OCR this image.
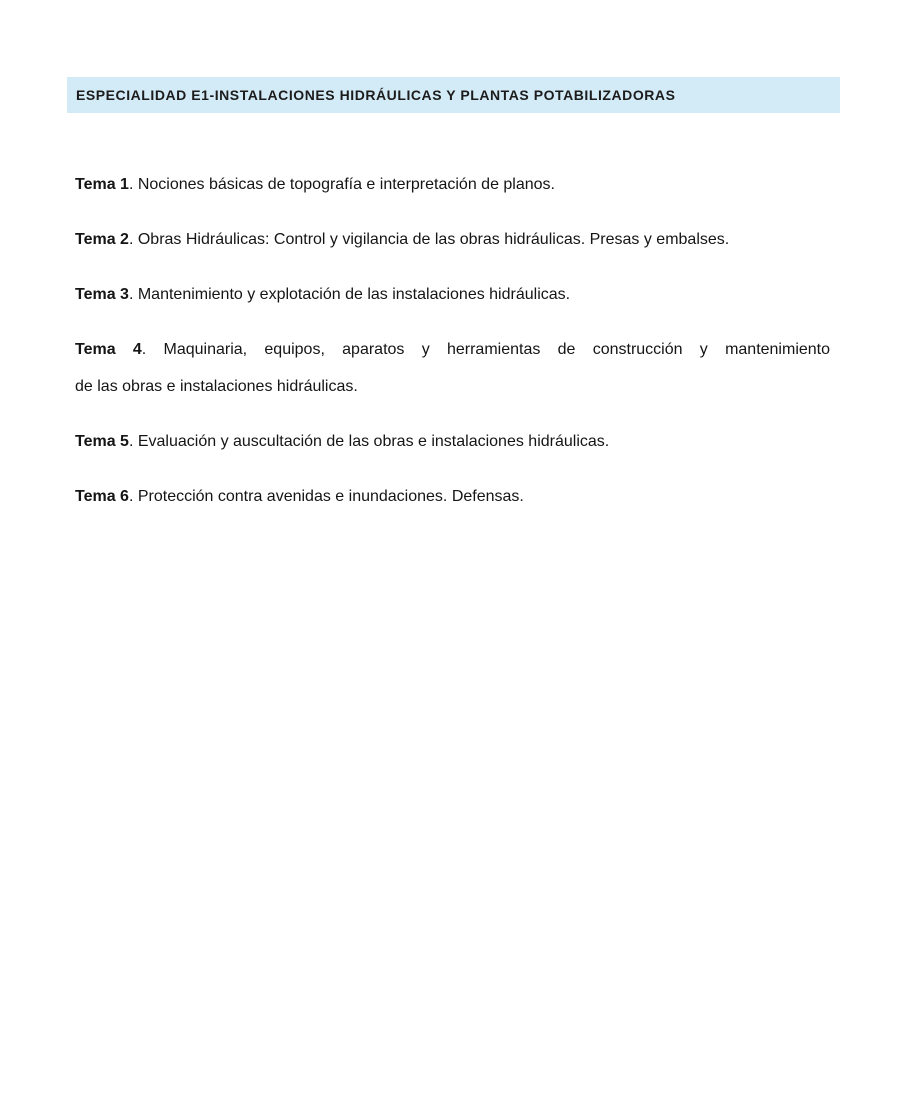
ESPECIALIDAD E1-INSTALACIONES HIDRÁULICAS Y PLANTAS POTABILIZADORAS

Tema 1. Nociones básicas de topografía e interpretación de planos.

Tema 2. Obras Hidráulicas: Control y vigilancia de las obras hidráulicas. Presas y embalses.

Tema 3. Mantenimiento y explotación de las instalaciones hidráulicas.

Tema 4. Maquinaria, equipos, aparatos y herramientas de construcción y mantenimiento
de las obras e instalaciones hidráulicas.

Tema 5. Evaluación y auscultación de las obras e instalaciones hidráulicas.

Tema 6. Protección contra avenidas e inundaciones. Defensas.
